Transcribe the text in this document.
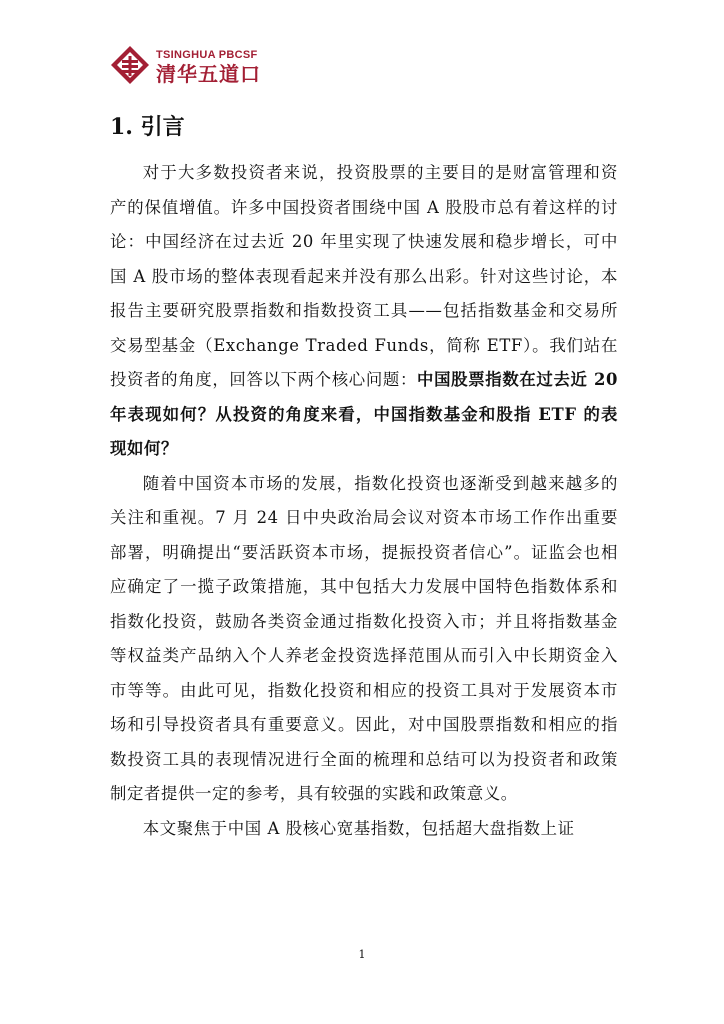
TSINGHUA PBCSF
清华五道口
1. 引言

对于大多数投资者来说，投资股票的主要目的是财富管理和资产的保值增值。许多中国投资者围绕中国 A 股股市总有着这样的讨论：中国经济在过去近 20 年里实现了快速发展和稳步增长，可中国 A 股市场的整体表现看起来并没有那么出彩。针对这些讨论，本报告主要研究股票指数和指数投资工具——包括指数基金和交易所交易型基金（Exchange Traded Funds，简称 ETF）。我们站在投资者的角度，回答以下两个核心问题：中国股票指数在过去近 20 年表现如何？从投资的角度来看，中国指数基金和股指 ETF 的表现如何？

随着中国资本市场的发展，指数化投资也逐渐受到越来越多的关注和重视。7 月 24 日中央政治局会议对资本市场工作作出重要部署，明确提出“要活跃资本市场，提振投资者信心”。证监会也相应确定了一揽子政策措施，其中包括大力发展中国特色指数体系和指数化投资，鼓励各类资金通过指数化投资入市；并且将指数基金等权益类产品纳入个人养老金投资选择范围从而引入中长期资金入市等等。由此可见，指数化投资和相应的投资工具对于发展资本市场和引导投资者具有重要意义。因此，对中国股票指数和相应的指数投资工具的表现情况进行全面的梳理和总结可以为投资者和政策制定者提供一定的参考，具有较强的实践和政策意义。

本文聚焦于中国 A 股核心宽基指数，包括超大盘指数上证

1
